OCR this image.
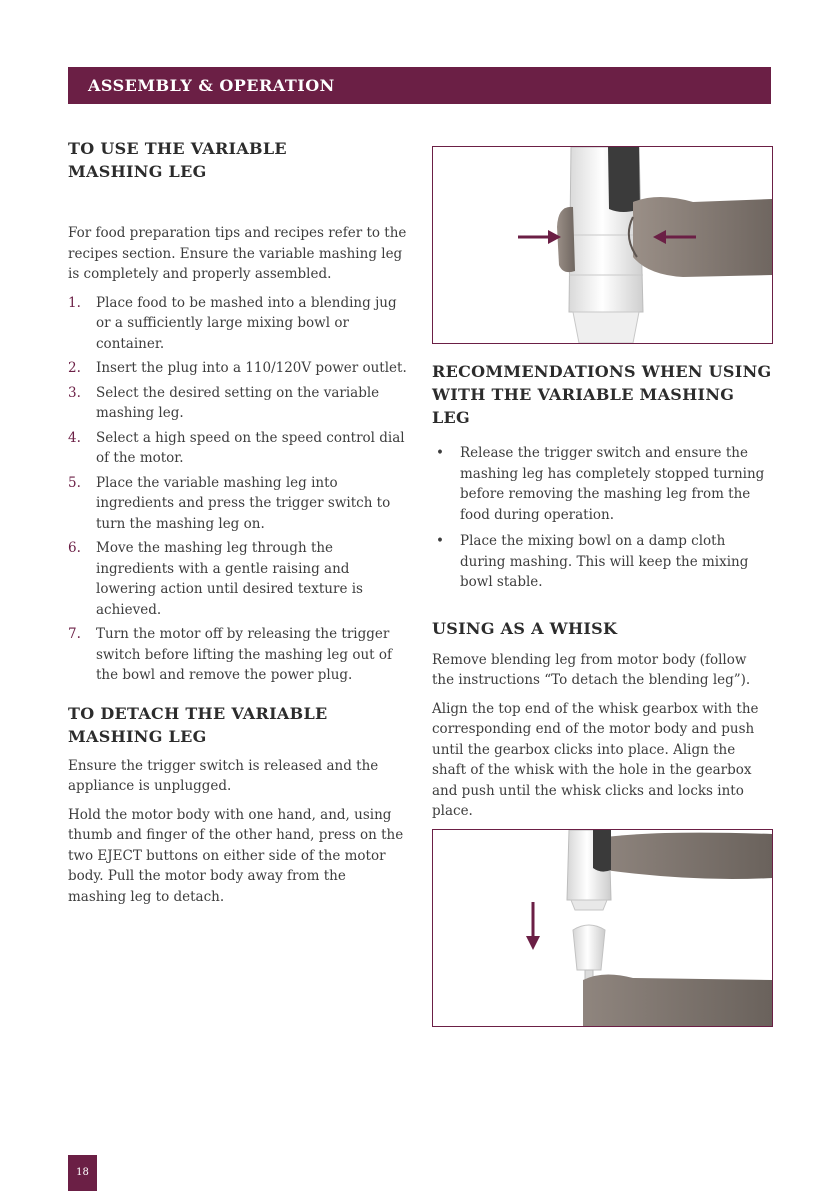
ASSEMBLY & OPERATION
TO USE THE VARIABLE
MASHING LEG

For food preparation tips and recipes refer to the recipes section. Ensure the variable mashing leg is completely and properly assembled.

1. Place food to be mashed into a blending jug or a sufficiently large mixing bowl or container.
2. Insert the plug into a 110/120V power outlet.
3. Select the desired setting on the variable mashing leg.
4. Select a high speed on the speed control dial of the motor.
5. Place the variable mashing leg into ingredients and press the trigger switch to turn the mashing leg on.
6. Move the mashing leg through the ingredients with a gentle raising and lowering action until desired texture is achieved.
7. Turn the motor off by releasing the trigger switch before lifting the mashing leg out of the bowl and remove the power plug.
TO DETACH THE VARIABLE
MASHING LEG

Ensure the trigger switch is released and the appliance is unplugged.

Hold the motor body with one hand, and, using thumb and finger of the other hand, press on the two EJECT buttons on either side of the motor body. Pull the motor body away from the mashing leg to detach.

RECOMMENDATIONS WHEN USING
WITH THE VARIABLE MASHING LEG
• Release the trigger switch and ensure the mashing leg has completely stopped turning before removing the mashing leg from the food during operation.
• Place the mixing bowl on a damp cloth during mashing. This will keep the mixing bowl stable.
USING AS A WHISK

Remove blending leg from motor body (follow the instructions “To detach the blending leg”).

Align the top end of the whisk gearbox with the corresponding end of the motor body and push until the gearbox clicks into place. Align the shaft of the whisk with the hole in the gearbox and push until the whisk clicks and locks into place.

18
